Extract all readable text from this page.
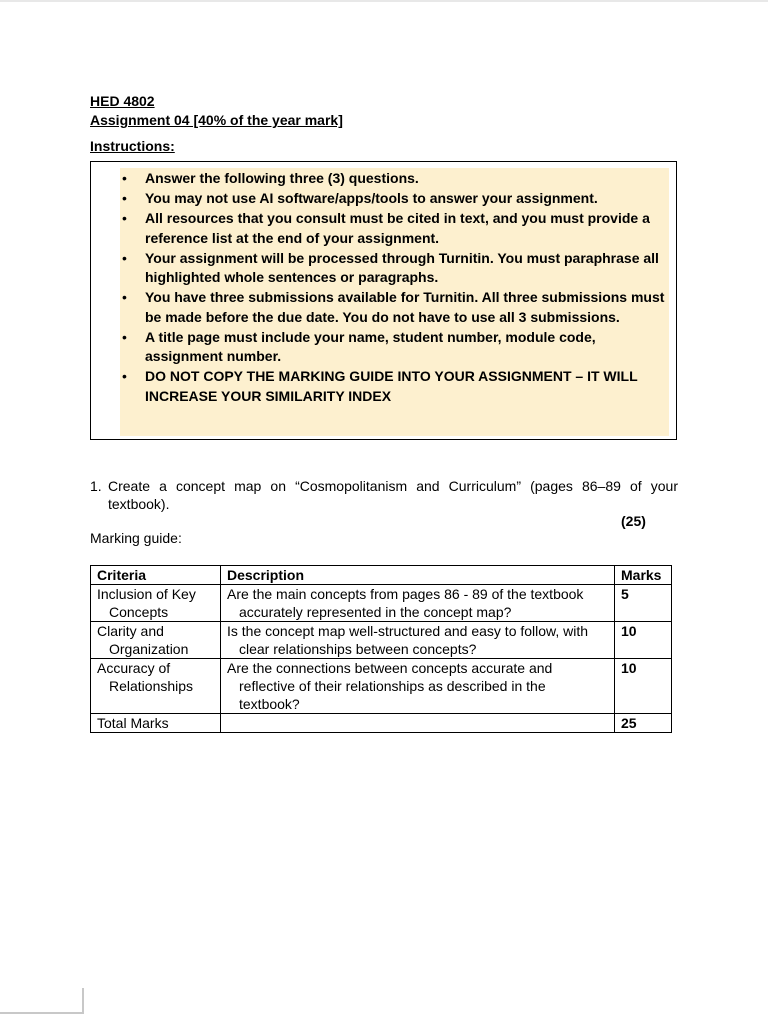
HED 4802
Assignment 04 [40% of the year mark]
Instructions:
• Answer the following three (3) questions.
• You may not use AI software/apps/tools to answer your assignment.
• All resources that you consult must be cited in text, and you must provide a reference list at the end of your assignment.
• Your assignment will be processed through Turnitin. You must paraphrase all highlighted whole sentences or paragraphs.
• You have three submissions available for Turnitin. All three submissions must be made before the due date. You do not have to use all 3 submissions.
• A title page must include your name, student number, module code, assignment number.
• DO NOT COPY THE MARKING GUIDE INTO YOUR ASSIGNMENT – IT WILL INCREASE YOUR SIMILARITY INDEX
1. Create a concept map on “Cosmopolitanism and Curriculum” (pages 86–89 of your textbook).
(25)
Marking guide:
Criteria	Description	Marks
Inclusion of Key Concepts	Are the main concepts from pages 86 - 89 of the textbook accurately represented in the concept map?	5
Clarity and Organization	Is the concept map well-structured and easy to follow, with clear relationships between concepts?	10
Accuracy of Relationships	Are the connections between concepts accurate and reflective of their relationships as described in the textbook?	10
Total Marks		25
